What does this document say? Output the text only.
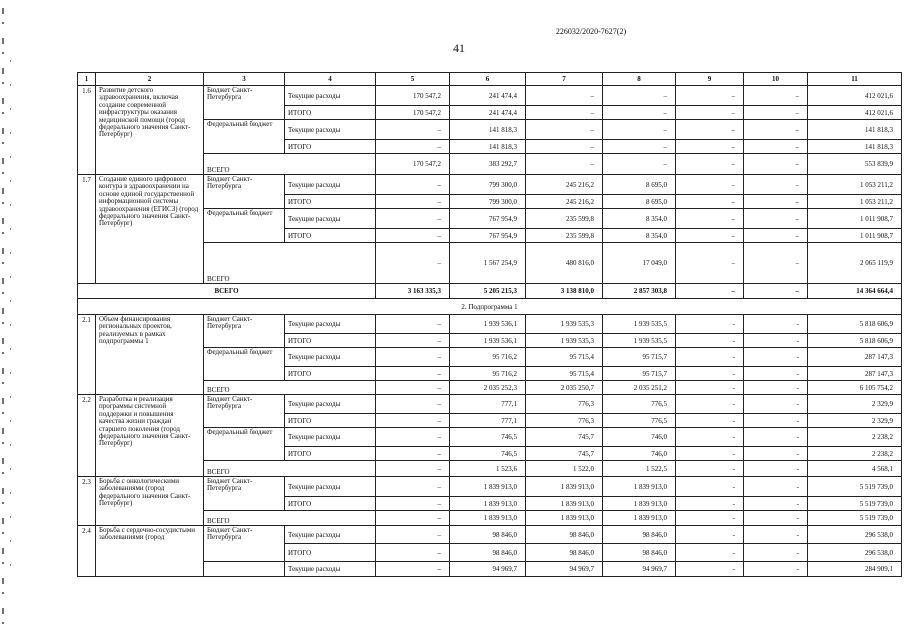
226032/2020-7627(2)
41
1	2	3	4	5	6	7	8	9	10	11
1.6	Развитие детского здравоохранения, включая создание современной инфраструктуры оказания медицинской помощи (город федерального значения Санкт-Петербург)	Бюджет Санкт-Петербурга	Текущие расходы	170 547,2	241 474,4	–	–	–	–	412 021,6
			ИТОГО	170 547,2	241 474,4	–	–	–	–	412 021,6
		Федеральный бюджет	Текущие расходы	–	141 818,3	–	–	–	–	141 818,3
			ИТОГО	–	141 818,3	–	–	–	–	141 818,3
		ВСЕГО		170 547,2	383 292,7	–	–	–	–	553 839,9
1.7	Создание единого цифрового контура в здравоохранении на основе единой государственной информационной системы здравоохранения (ЕГИСЗ) (город федерального значения Санкт-Петербург)	Бюджет Санкт-Петербурга	Текущие расходы	–	799 300,0	245 216,2	8 695,0	–	–	1 053 211,2
			ИТОГО	–	799 300,0	245 216,2	8 695,0	–	–	1 053 211,2
		Федеральный бюджет	Текущие расходы	–	767 954,9	235 599,8	8 354,0	–	–	1 011 908,7
			ИТОГО	–	767 954,9	235 599,8	8 354,0	–	–	1 011 908,7
		ВСЕГО		–	1 567 254,9	480 816,0	17 049,0	–	–	2 065 119,9
ВСЕГО				3 163 335,3	5 205 215,3	3 138 810,0	2 857 303,8	–	–	14 364 664,4
2. Подпрограмма 1										
2.1	Объем финансирования региональных проектов, реализуемых в рамках подпрограммы 1	Бюджет Санкт-Петербурга	Текущие расходы	–	1 939 536,1	1 939 535,3	1 939 535,5	-	-	5 818 606,9
			ИТОГО	–	1 939 536,1	1 939 535,3	1 939 535,5	-	-	5 818 606,9
		Федеральный бюджет	Текущие расходы	–	95 716,2	95 715,4	95 715,7	-	-	287 147,3
			ИТОГО	–	95 716,2	95 715,4	95 715,7	-	-	287 147,3
		ВСЕГО		–	2 035 252,3	2 035 250,7	2 035 251,2	-	-	6 105 754,2
2.2	Разработка и реализация программы системной поддержки и повышения качества жизни граждан старшего поколения (город федерального значения Санкт-Петербург)	Бюджет Санкт-Петербурга	Текущие расходы	–	777,1	776,3	776,5	-	-	2 329,9
			ИТОГО	–	777,1	776,3	776,5	-	-	2 329,9
		Федеральный бюджет	Текущие расходы	–	746,5	745,7	746,0	-	-	2 238,2
			ИТОГО	–	746,5	745,7	746,0	-	-	2 238,2
		ВСЕГО		–	1 523,6	1 522,0	1 522,5	-	-	4 568,1
2.3	Борьба с онкологическими заболеваниями (город федерального значения Санкт-Петербург)	Бюджет Санкт-Петербурга	Текущие расходы	–	1 839 913,0	1 839 913,0	1 839 913,0	-	-	5 519 739,0
			ИТОГО	–	1 839 913,0	1 839 913,0	1 839 913,0	-	-	5 519 739,0
		ВСЕГО		–	1 839 913,0	1 839 913,0	1 839 913,0	-	-	5 519 739,0
2.4	Борьба с сердечно-сосудистыми заболеваниями (город	Бюджет Санкт-Петербурга	Текущие расходы	–	98 846,0	98 846,0	98 846,0	-	-	296 538,0
			ИТОГО	–	98 846,0	98 846,0	98 846,0	-	-	296 538,0
			Текущие расходы	–	94 969,7	94 969,7	94 969,7	-	-	284 909,1
